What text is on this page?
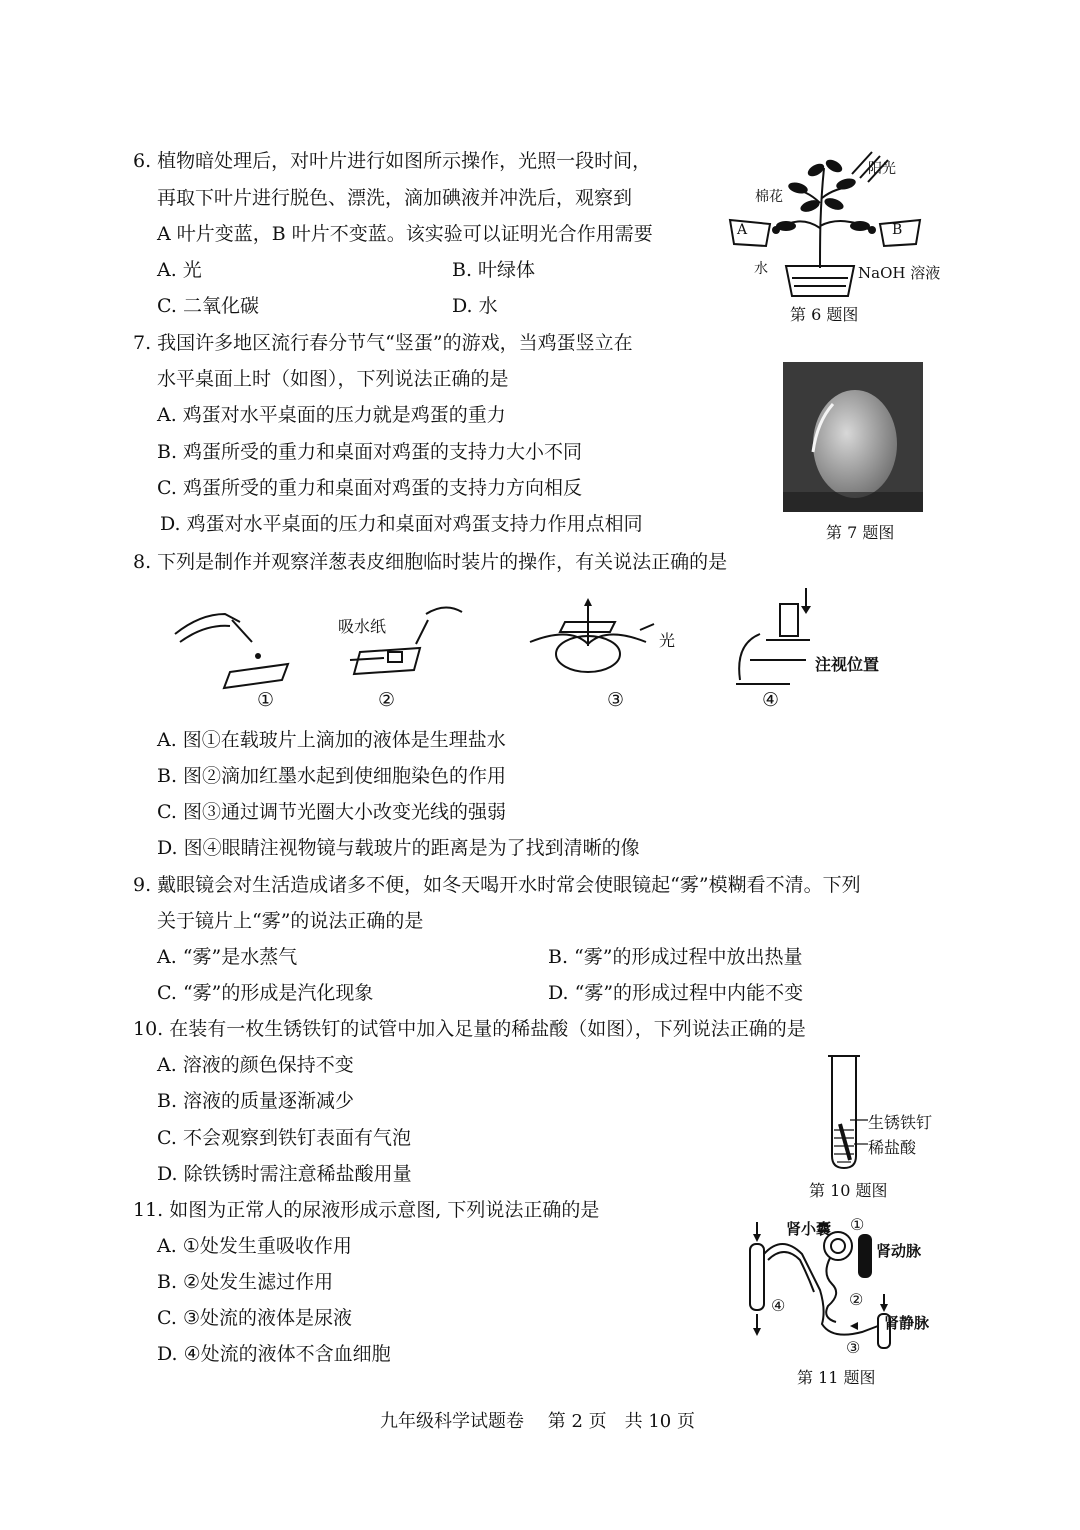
6. 植物暗处理后，对叶片进行如图所示操作，光照一段时间，
再取下叶片进行脱色、漂洗，滴加碘液并冲洗后，观察到
A 叶片变蓝，B 叶片不变蓝。该实验可以证明光合作用需要
A. 光	B. 叶绿体
C. 二氧化碳	D. 水
阳光
棉花
A	B
水	NaOH 溶液
第 6 题图
7. 我国许多地区流行春分节气“竖蛋”的游戏，当鸡蛋竖立在
水平桌面上时（如图），下列说法正确的是
A. 鸡蛋对水平桌面的压力就是鸡蛋的重力
B. 鸡蛋所受的重力和桌面对鸡蛋的支持力大小不同
C. 鸡蛋所受的重力和桌面对鸡蛋的支持力方向相反
D. 鸡蛋对水平桌面的压力和桌面对鸡蛋支持力作用点相同	第 7 题图
8. 下列是制作并观察洋葱表皮细胞临时装片的操作，有关说法正确的是
吸水纸
光
注视位置
①	②	③	④
A. 图①在载玻片上滴加的液体是生理盐水
B. 图②滴加红墨水起到使细胞染色的作用
C. 图③通过调节光圈大小改变光线的强弱
D. 图④眼睛注视物镜与载玻片的距离是为了找到清晰的像
9. 戴眼镜会对生活造成诸多不便，如冬天喝开水时常会使眼镜起“雾”模糊看不清。下列
关于镜片上“雾”的说法正确的是
A. “雾”是水蒸气	B. “雾”的形成过程中放出热量
C. “雾”的形成是汽化现象	D. “雾”的形成过程中内能不变
10. 在装有一枚生锈铁钉的试管中加入足量的稀盐酸（如图），下列说法正确的是
A. 溶液的颜色保持不变
B. 溶液的质量逐渐减少
C. 不会观察到铁钉表面有气泡
D. 除铁锈时需注意稀盐酸用量
生锈铁钉
稀盐酸
第 10 题图
11. 如图为正常人的尿液形成示意图, 下列说法正确的是
A. ①处发生重吸收作用
B. ②处发生滤过作用
C. ③处流的液体是尿液
D. ④处流的液体不含血细胞
肾小囊 ①
肾动脉
②
④
肾静脉
③
第 11 题图
九年级科学试题卷　 第 2 页　共 10 页
